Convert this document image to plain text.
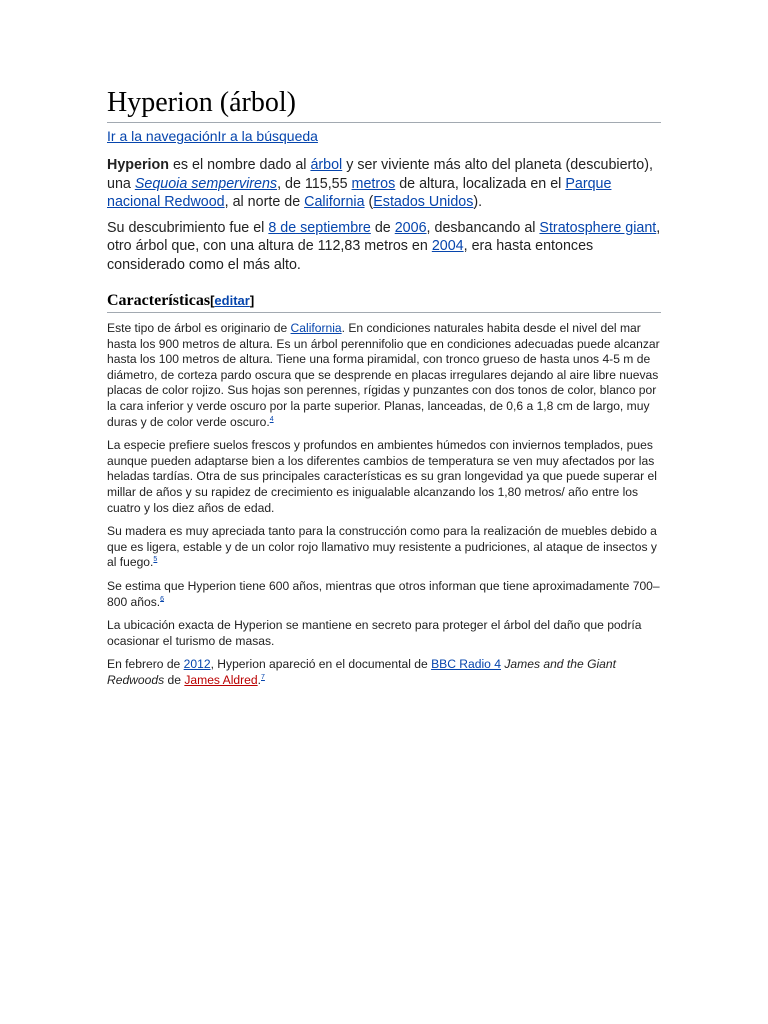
Hyperion (árbol)
Ir a la navegaciónIr a la búsqueda

Hyperion es el nombre dado al árbol y ser viviente más alto del planeta (descubierto), una Sequoia sempervirens, de 115,55 metros de altura, localizada en el Parque nacional Redwood, al norte de California (Estados Unidos).

Su descubrimiento fue el 8 de septiembre de 2006, desbancando al Stratosphere giant, otro árbol que, con una altura de 112,83 metros en 2004, era hasta entonces considerado como el más alto.

Características[editar]

Este tipo de árbol es originario de California. En condiciones naturales habita desde el nivel del mar hasta los 900 metros de altura. Es un árbol perennifolio que en condiciones adecuadas puede alcanzar hasta los 100 metros de altura. Tiene una forma piramidal, con tronco grueso de hasta unos 4-5 m de diámetro, de corteza pardo oscura que se desprende en placas irregulares dejando al aire libre nuevas placas de color rojizo. Sus hojas son perennes, rígidas y punzantes con dos tonos de color, blanco por la cara inferior y verde oscuro por la parte superior. Planas, lanceadas, de 0,6 a 1,8 cm de largo, muy duras y de color verde oscuro.$^4$

La especie prefiere suelos frescos y profundos en ambientes húmedos con inviernos templados, pues aunque pueden adaptarse bien a los diferentes cambios de temperatura se ven muy afectados por las heladas tardías. Otra de sus principales características es su gran longevidad ya que puede superar el millar de años y su rapidez de crecimiento es inigualable alcanzando los 1,80 metros/ año entre los cuatro y los diez años de edad.

Su madera es muy apreciada tanto para la construcción como para la realización de muebles debido a que es ligera, estable y de un color rojo llamativo muy resistente a pudriciones, al ataque de insectos y al fuego.$^5$

Se estima que Hyperion tiene 600 años, mientras que otros informan que tiene aproximadamente 700–800 años.$^6$

La ubicación exacta de Hyperion se mantiene en secreto para proteger el árbol del daño que podría ocasionar el turismo de masas.

En febrero de 2012, Hyperion apareció en el documental de BBC Radio 4 James and the Giant Redwoods de James Aldred.$^7$
